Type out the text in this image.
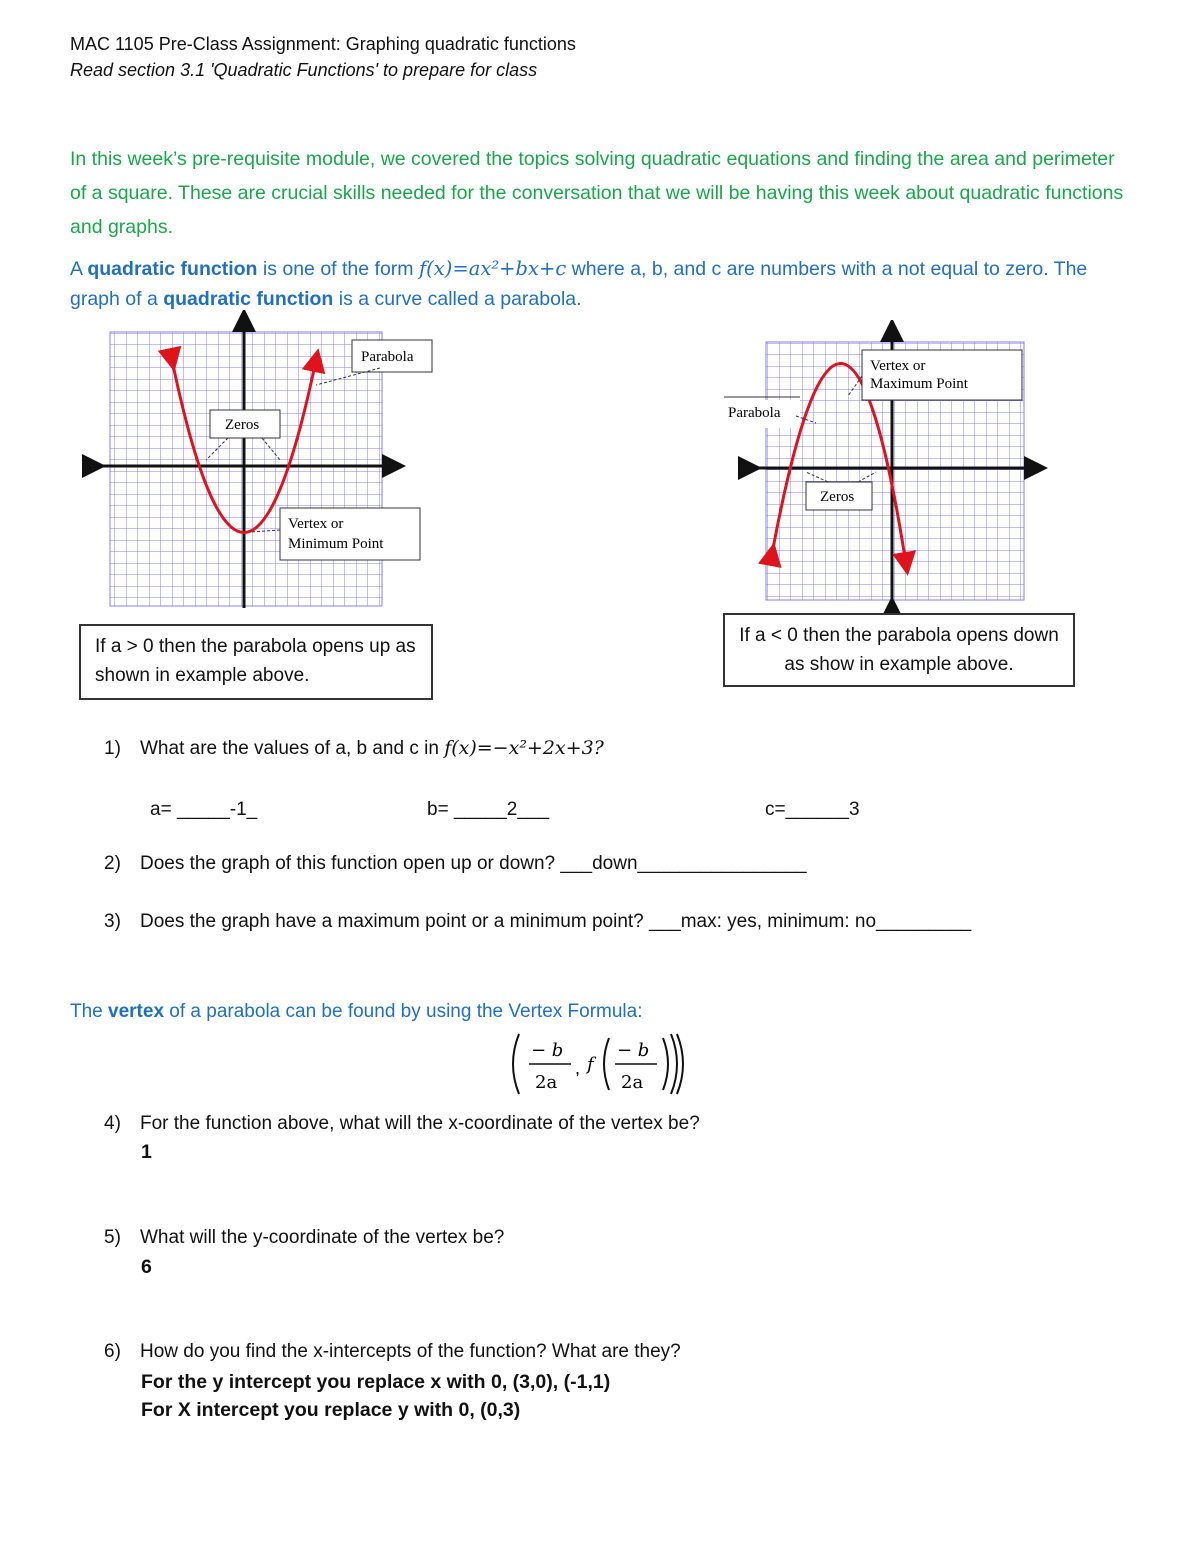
MAC 1105 Pre-Class Assignment: Graphing quadratic functions
Read section 3.1 'Quadratic Functions' to prepare for class
In this week’s pre-requisite module, we covered the topics solving quadratic equations and finding the area and perimeter of a square. These are crucial skills needed for the conversation that we will be having this week about quadratic functions and graphs.
A quadratic function is one of the form f(x)=ax²+bx+c where a, b, and c are numbers with a not equal to zero. The graph of a quadratic function is a curve called a parabola.
Parabola
Zeros
Vertex or
Minimum Point
If a > 0 then the parabola opens up as shown in example above.
Vertex or
Maximum Point
Parabola
Zeros
If a < 0 then the parabola opens down as show in example above.
1) What are the values of a, b and c in f(x)=−x²+2x+3?
a= _____-1_	b= _____2___	c=______3
2) Does the graph of this function open up or down? ___down________________
3) Does the graph have a maximum point or a minimum point? ___max: yes, minimum: no_________
The vertex of a parabola can be found by using the Vertex Formula:
− b
2a
, f
− b
2a
4) For the function above, what will the x-coordinate of the vertex be?
1
5) What will the y-coordinate of the vertex be?
6
6) How do you find the x-intercepts of the function? What are they?
For the y intercept you replace x with 0, (3,0), (-1,1)
For X intercept you replace y with 0, (0,3)
